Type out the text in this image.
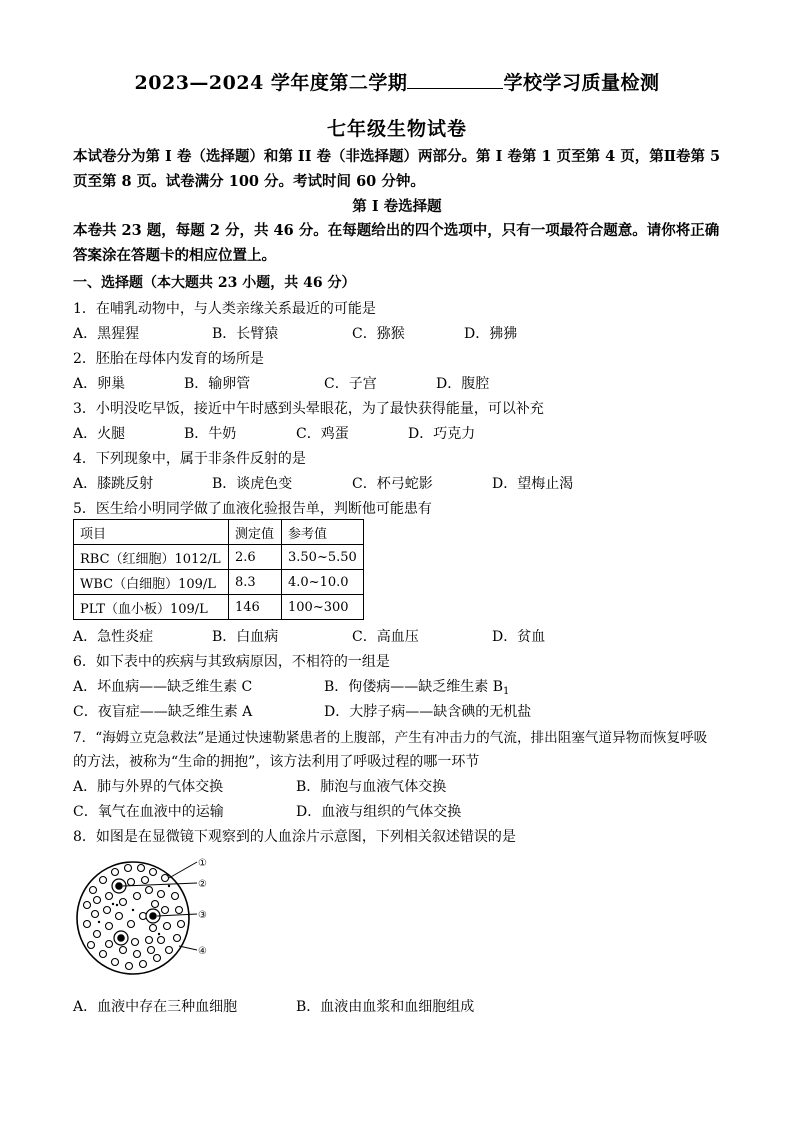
2023—2024 学年度第二学期	学校学习质量检测
七年级生物试卷
本试卷分为第 I 卷（选择题）和第 II 卷（非选择题）两部分。第 I 卷第 1 页至第 4 页，第Ⅱ卷第 5 页至第 8 页。试卷满分 100 分。考试时间 60 分钟。
第 I 卷选择题
本卷共 23 题，每题 2 分，共 46 分。在每题给出的四个选项中，只有一项最符合题意。请你将正确答案涂在答题卡的相应位置上。
一、选择题（本大题共 23 小题，共 46 分）
1．在哺乳动物中，与人类亲缘关系最近的可能是
A．黑猩猩	B．长臂猿	C．猕猴	D．狒狒
2．胚胎在母体内发育的场所是
A．卵巢	B．输卵管	C．子宫	D．腹腔
3．小明没吃早饭，接近中午时感到头晕眼花，为了最快获得能量，可以补充
A．火腿	B．牛奶	C．鸡蛋	D．巧克力
4．下列现象中，属于非条件反射的是
A．膝跳反射	B．谈虎色变	C．杯弓蛇影	D．望梅止渴
5．医生给小明同学做了血液化验报告单，判断他可能患有
项目	测定值	参考值
RBC（红细胞）1012/L	2.6	3.50~5.50
WBC（白细胞）109/L	8.3	4.0~10.0
PLT（血小板）109/L	146	100~300
A．急性炎症	B．白血病	C．高血压	D．贫血
6．如下表中的疾病与其致病原因，不相符的一组是
A．坏血病——缺乏维生素 C	B．佝偻病——缺乏维生素 $B_1$
C．夜盲症——缺乏维生素 A	D．大脖子病——缺含碘的无机盐
7．“海姆立克急救法”是通过快速勒紧患者的上腹部，产生有冲击力的气流，排出阻塞气道异物而恢复呼吸
的方法，被称为“生命的拥抱”，该方法利用了呼吸过程的哪一环节
A．肺与外界的气体交换	B．肺泡与血液气体交换
C．氧气在血液中的运输	D．血液与组织的气体交换
8．如图是在显微镜下观察到的人血涂片示意图，下列相关叙述错误的是
①
②
③
④
A．血液中存在三种血细胞	B．血液由血浆和血细胞组成
